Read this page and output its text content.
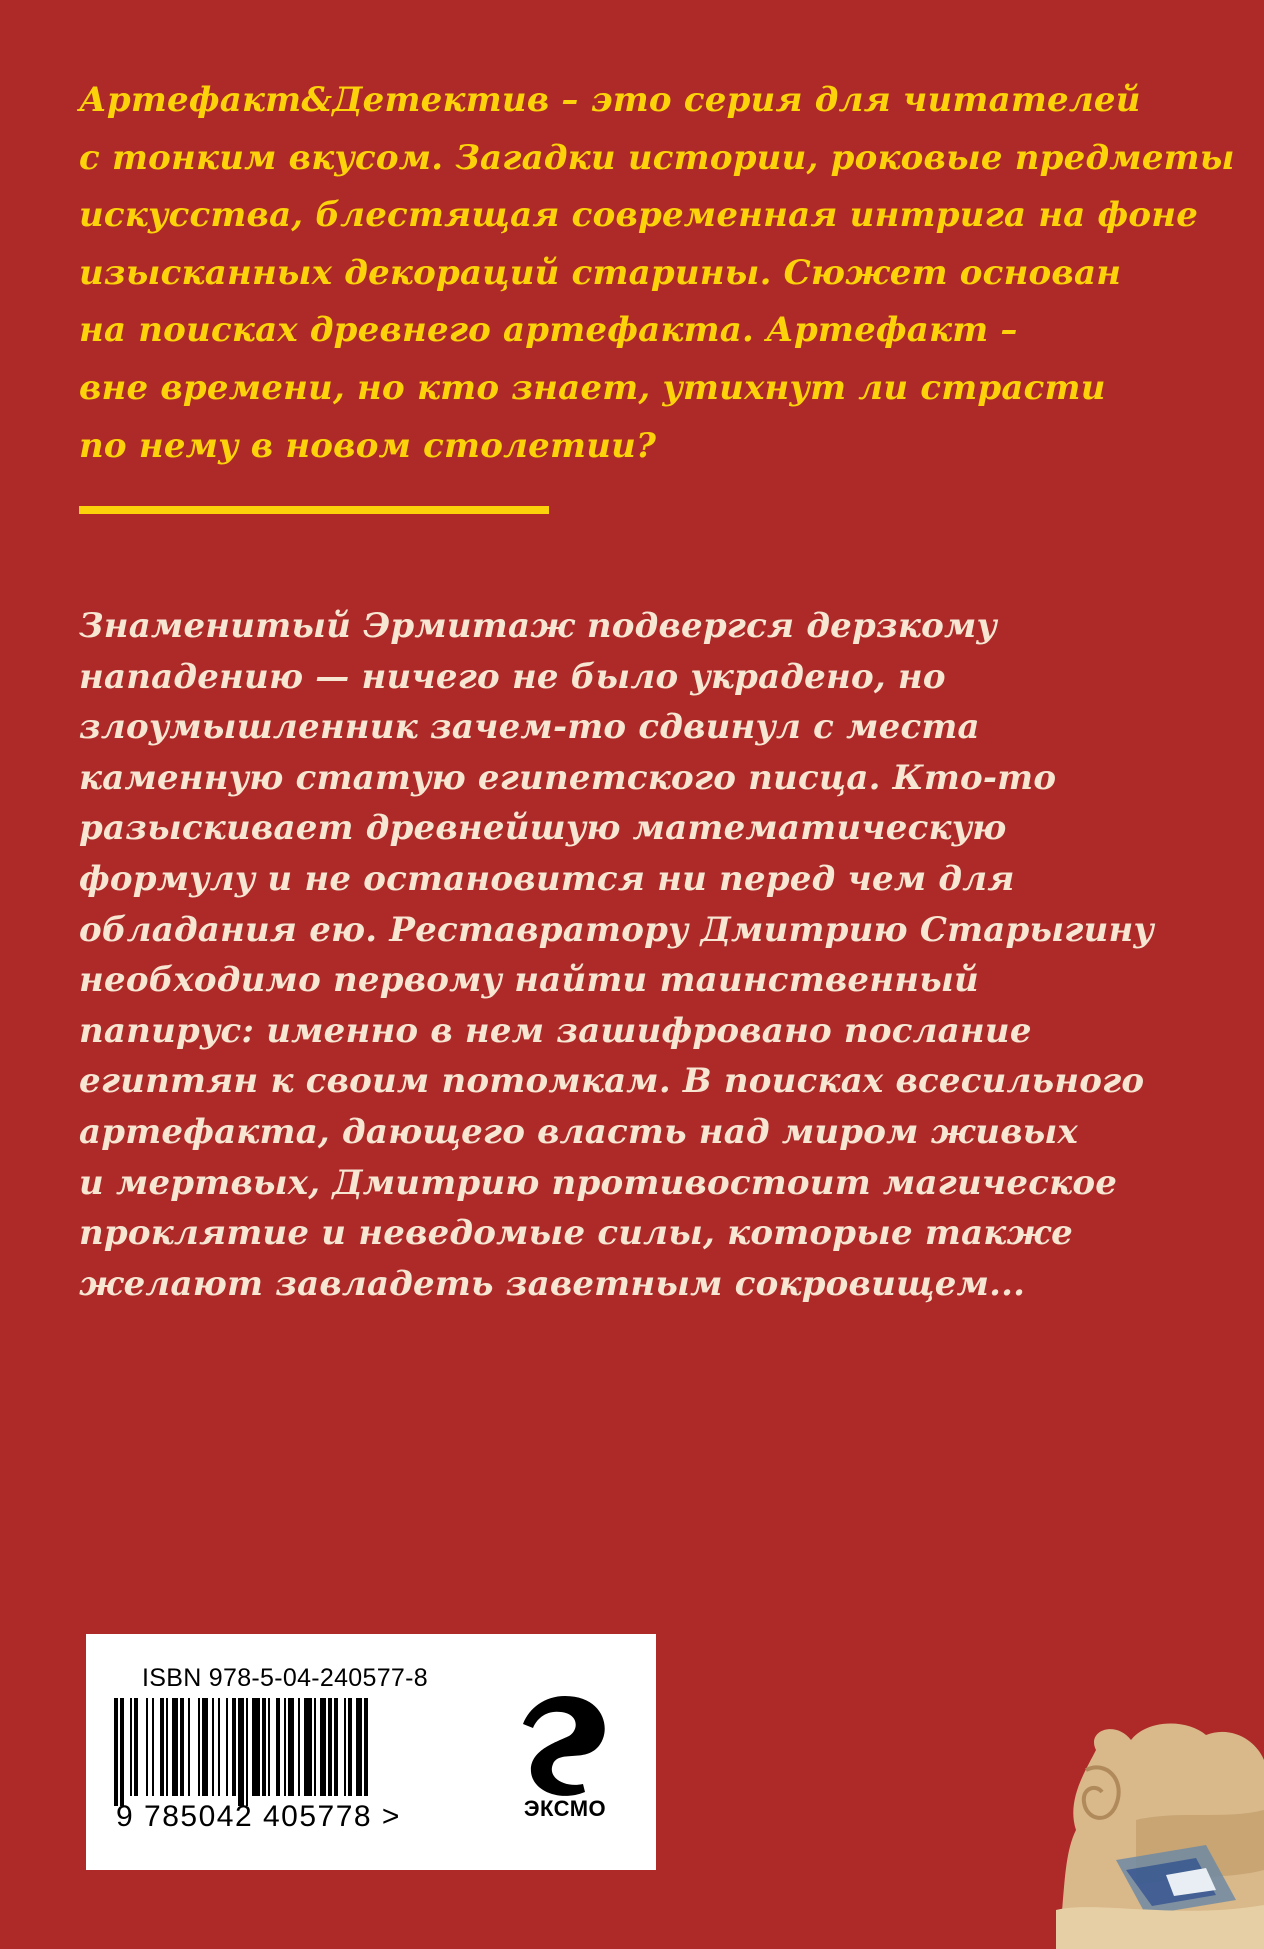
Артефакт&Детектив – это серия для читателей
с тонким вкусом. Загадки истории, роковые предметы
искусства, блестящая современная интрига на фоне
изысканных декораций старины. Сюжет основан
на поисках древнего артефакта. Артефакт –
вне времени, но кто знает, утихнут ли страсти
по нему в новом столетии?
Знаменитый Эрмитаж подвергся дерзкому
нападению — ничего не было украдено, но
злоумышленник зачем-то сдвинул с места
каменную статую египетского писца. Кто-то
разыскивает древнейшую математическую
формулу и не остановится ни перед чем для
обладания ею. Реставратору Дмитрию Старыгину
необходимо первому найти таинственный
папирус: именно в нем зашифровано послание
египтян к своим потомкам. В поисках всесильного
артефакта, дающего власть над миром живых
и мертвых, Дмитрию противостоит магическое
проклятие и неведомые силы, которые также
желают завладеть заветным сокровищем...
ISBN 978-5-04-240577-8
9 785042 405778 >	ЭКСМО
